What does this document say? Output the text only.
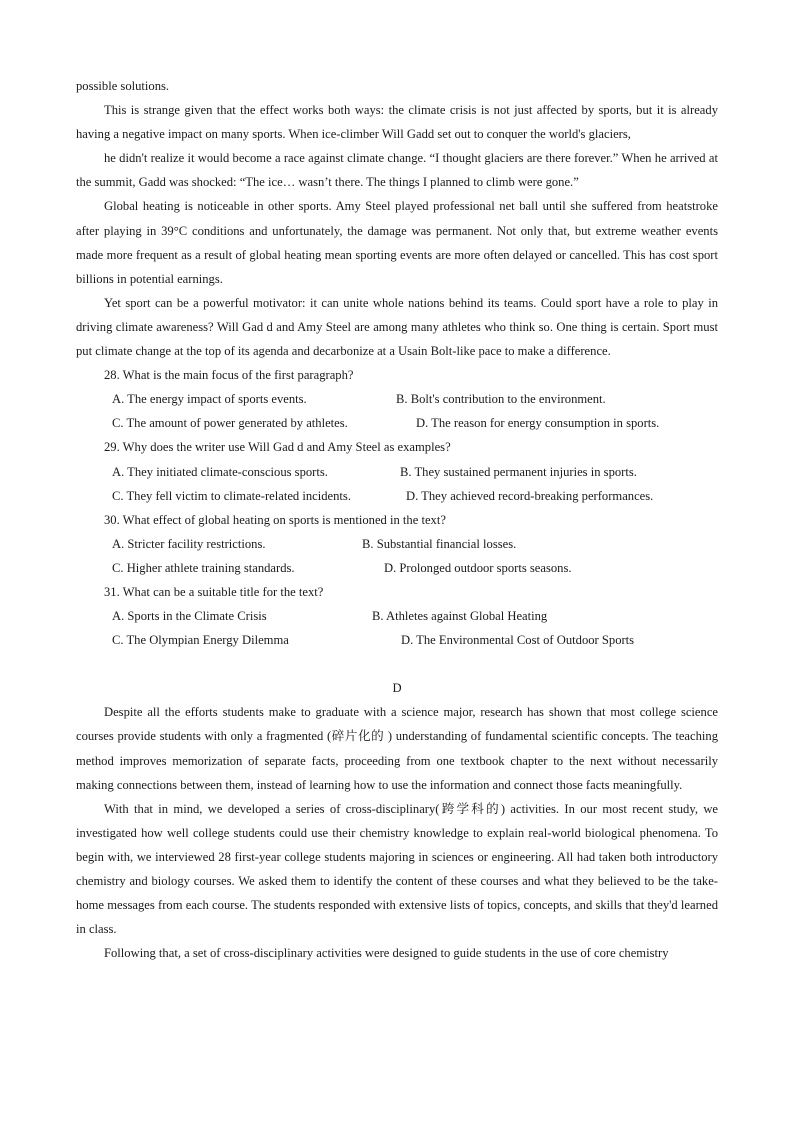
possible solutions.
This is strange given that the effect works both ways: the climate crisis is not just affected by sports, but it is already having a negative impact on many sports. When ice-climber Will Gadd set out to conquer the world's glaciers,
he didn't realize it would become a race against climate change. “I thought glaciers are there forever.” When he arrived at the summit, Gadd was shocked: “The ice… wasn’t there. The things I planned to climb were gone.”
Global heating is noticeable in other sports. Amy Steel played professional net ball until she suffered from heatstroke after playing in 39°C conditions and unfortunately, the damage was permanent. Not only that, but extreme weather events made more frequent as a result of global heating mean sporting events are more often delayed or cancelled. This has cost sport billions in potential earnings.
Yet sport can be a powerful motivator: it can unite whole nations behind its teams. Could sport have a role to play in driving climate awareness? Will Gad d and Amy Steel are among many athletes who think so. One thing is certain. Sport must put climate change at the top of its agenda and decarbonize at a Usain Bolt-like pace to make a difference.
28. What is the main focus of the first paragraph?
A. The energy impact of sports events.	B. Bolt's contribution to the environment.
C. The amount of power generated by athletes.	D. The reason for energy consumption in sports.
29. Why does the writer use Will Gad d and Amy Steel as examples?
A. They initiated climate-conscious sports.	B. They sustained permanent injuries in sports.
C. They fell victim to climate-related incidents.	D. They achieved record-breaking performances.
30. What effect of global heating on sports is mentioned in the text?
A. Stricter facility restrictions.	B. Substantial financial losses.
C. Higher athlete training standards.	D. Prolonged outdoor sports seasons.
31. What can be a suitable title for the text?
A. Sports in the Climate Crisis	B. Athletes against Global Heating
C. The Olympian Energy Dilemma	D. The Environmental Cost of Outdoor Sports
D
Despite all the efforts students make to graduate with a science major, research has shown that most college science courses provide students with only a fragmented (碎片化的 ) understanding of fundamental scientific concepts. The teaching method improves memorization of separate facts, proceeding from one textbook chapter to the next without necessarily making connections between them, instead of learning how to use the information and connect those facts meaningfully.
With that in mind, we developed a series of cross-disciplinary(跨学科的) activities. In our most recent study, we investigated how well college students could use their chemistry knowledge to explain real-world biological phenomena. To begin with, we interviewed 28 first-year college students majoring in sciences or engineering. All had taken both introductory chemistry and biology courses. We asked them to identify the content of these courses and what they believed to be the take-home messages from each course. The students responded with extensive lists of topics, concepts, and skills that they'd learned in class.
Following that, a set of cross-disciplinary activities were designed to guide students in the use of core chemistry
